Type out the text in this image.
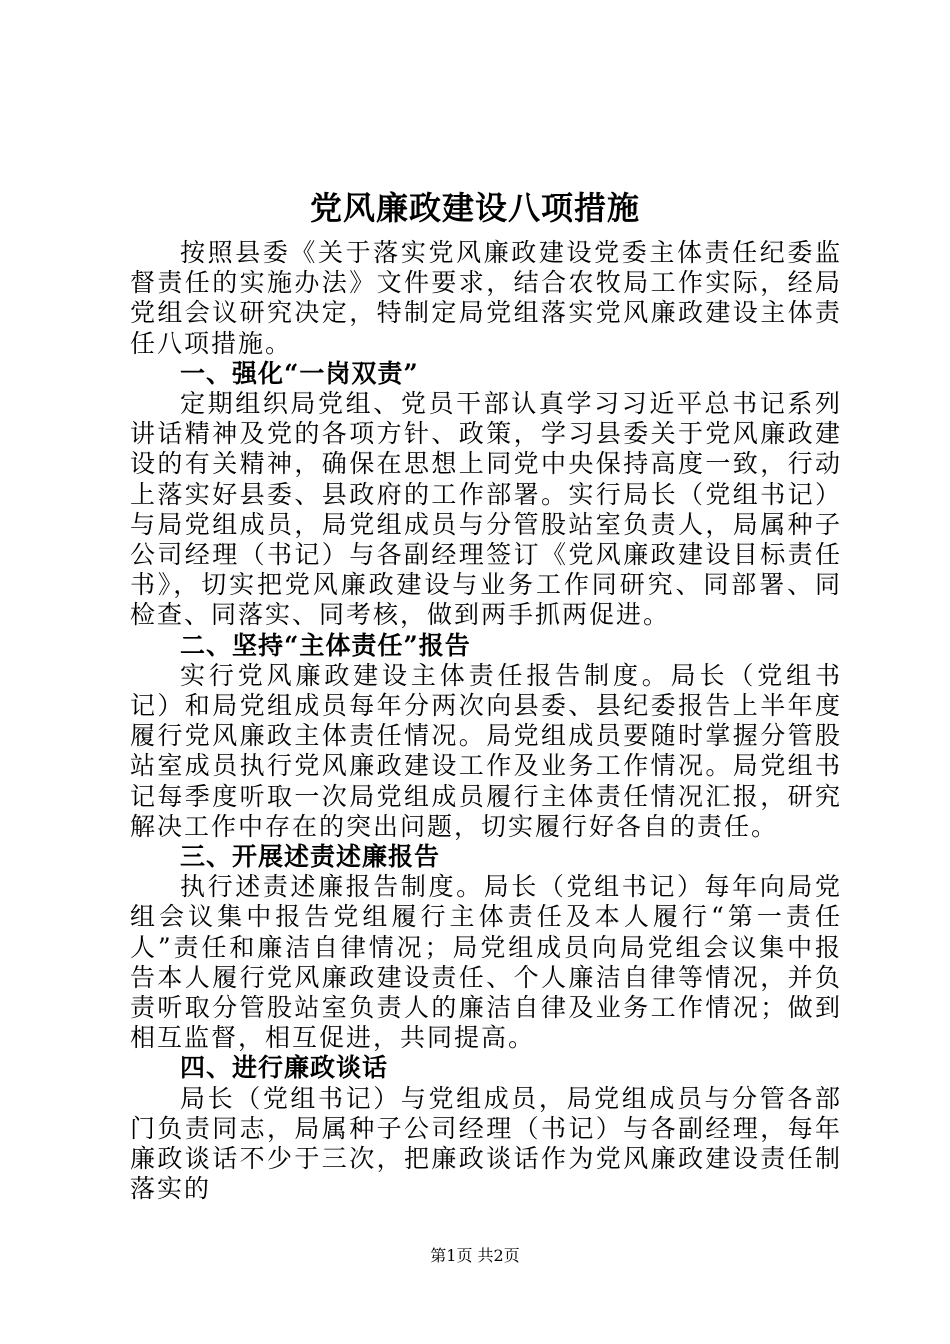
党风廉政建设八项措施

按照县委《关于落实党风廉政建设党委主体责任纪委监督责任的实施办法》文件要求，结合农牧局工作实际，经局党组会议研究决定，特制定局党组落实党风廉政建设主体责任八项措施。

一、强化“一岗双责”

定期组织局党组、党员干部认真学习习近平总书记系列讲话精神及党的各项方针、政策，学习县委关于党风廉政建设的有关精神，确保在思想上同党中央保持高度一致，行动上落实好县委、县政府的工作部署。实行局长（党组书记）与局党组成员，局党组成员与分管股站室负责人，局属种子公司经理（书记）与各副经理签订《党风廉政建设目标责任书》，切实把党风廉政建设与业务工作同研究、同部署、同检查、同落实、同考核，做到两手抓两促进。

二、坚持“主体责任”报告

实行党风廉政建设主体责任报告制度。局长（党组书记）和局党组成员每年分两次向县委、县纪委报告上半年度履行党风廉政主体责任情况。局党组成员要随时掌握分管股站室成员执行党风廉政建设工作及业务工作情况。局党组书记每季度听取一次局党组成员履行主体责任情况汇报，研究解决工作中存在的突出问题，切实履行好各自的责任。

三、开展述责述廉报告

执行述责述廉报告制度。局长（党组书记）每年向局党组会议集中报告党组履行主体责任及本人履行“第一责任人”责任和廉洁自律情况；局党组成员向局党组会议集中报告本人履行党风廉政建设责任、个人廉洁自律等情况，并负责听取分管股站室负责人的廉洁自律及业务工作情况；做到相互监督，相互促进，共同提高。

四、进行廉政谈话

局长（党组书记）与党组成员，局党组成员与分管各部门负责同志，局属种子公司经理（书记）与各副经理，每年廉政谈话不少于三次，把廉政谈话作为党风廉政建设责任制落实的

第1页 共2页
